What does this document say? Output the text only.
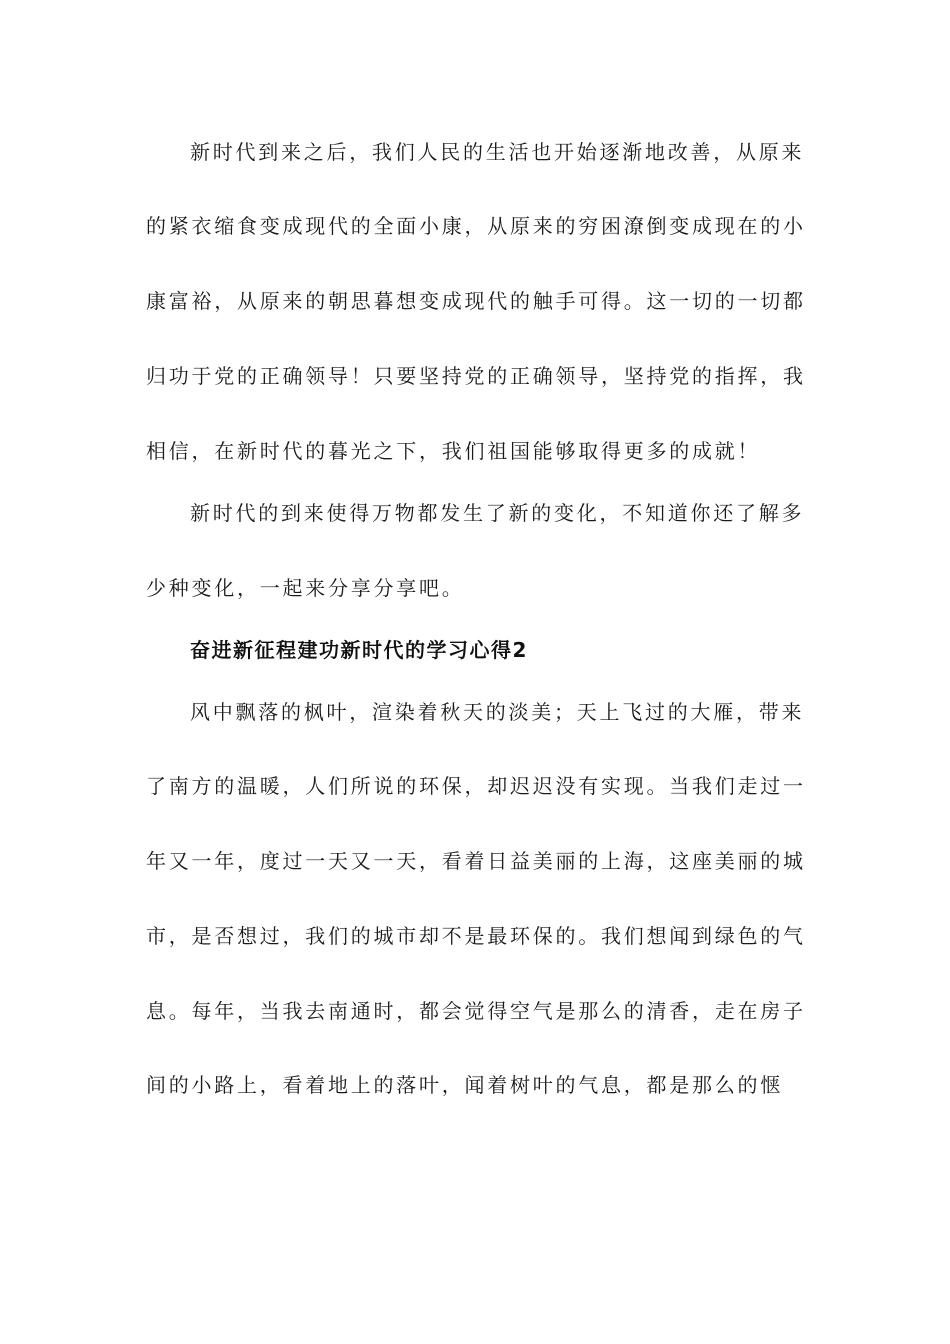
新时代到来之后，我们人民的生活也开始逐渐地改善，从原来
的紧衣缩食变成现代的全面小康，从原来的穷困潦倒变成现在的小
康富裕，从原来的朝思暮想变成现代的触手可得。这一切的一切都
归功于党的正确领导！只要坚持党的正确领导，坚持党的指挥，我
相信，在新时代的暮光之下，我们祖国能够取得更多的成就！
新时代的到来使得万物都发生了新的变化，不知道你还了解多
少种变化，一起来分享分享吧。
奋进新征程建功新时代的学习心得2
风中飘落的枫叶，渲染着秋天的淡美；天上飞过的大雁，带来
了南方的温暖，人们所说的环保，却迟迟没有实现。当我们走过一
年又一年，度过一天又一天，看着日益美丽的上海，这座美丽的城
市，是否想过，我们的城市却不是最环保的。我们想闻到绿色的气
息。每年，当我去南通时，都会觉得空气是那么的清香，走在房子
间的小路上，看着地上的落叶，闻着树叶的气息，都是那么的惬
